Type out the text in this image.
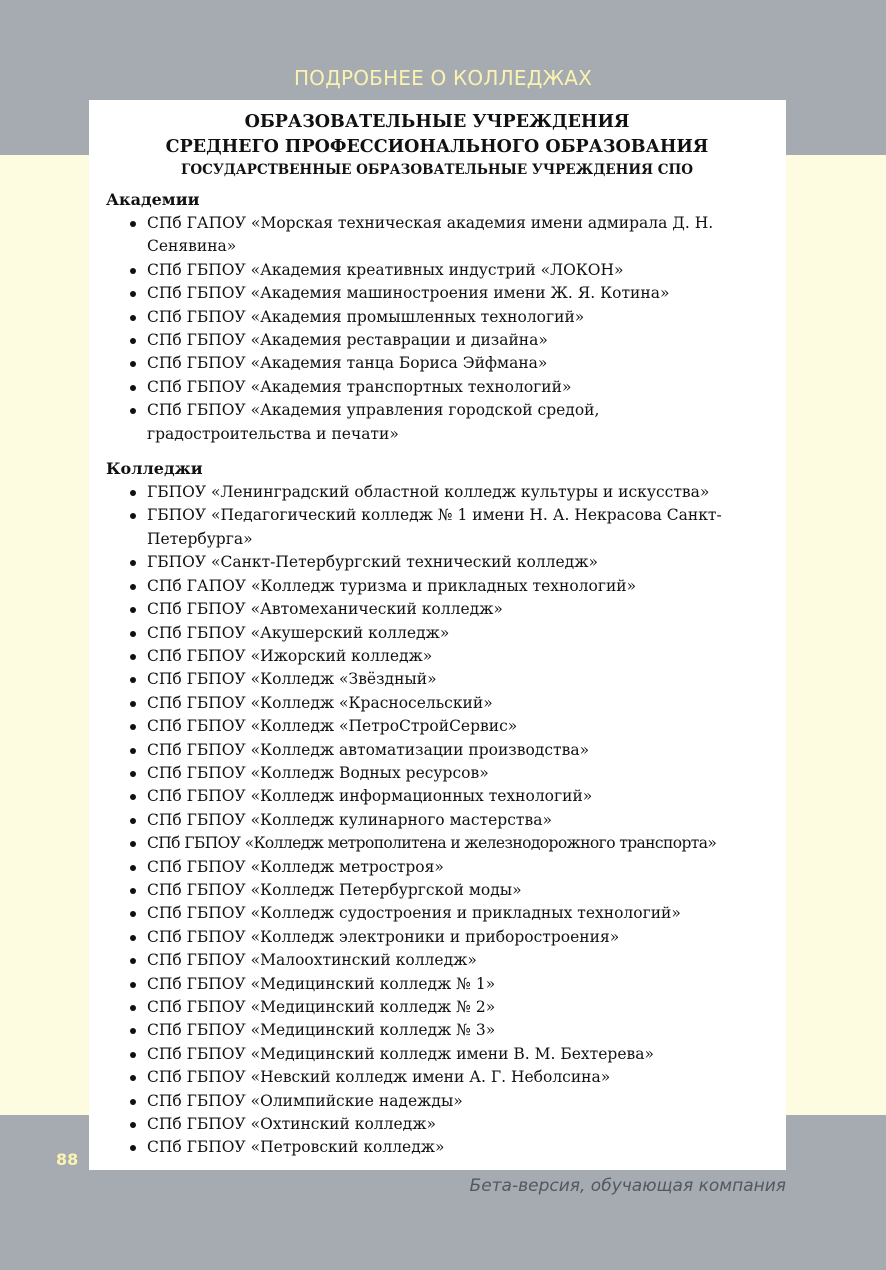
ПОДРОБНЕЕ О КОЛЛЕДЖАХ
ОБРАЗОВАТЕЛЬНЫЕ УЧРЕЖДЕНИЯ
СРЕДНЕГО ПРОФЕССИОНАЛЬНОГО ОБРАЗОВАНИЯ
ГОСУДАРСТВЕННЫЕ ОБРАЗОВАТЕЛЬНЫЕ УЧРЕЖДЕНИЯ СПО
Академии
СПб ГАПОУ «Морская техническая академия имени адмирала Д. Н. Сенявина»
СПб ГБПОУ «Академия креативных индустрий «ЛОКОН»
СПб ГБПОУ «Академия машиностроения имени Ж. Я. Котина»
СПб ГБПОУ «Академия промышленных технологий»
СПб ГБПОУ «Академия реставрации и дизайна»
СПб ГБПОУ «Академия танца Бориса Эйфмана»
СПб ГБПОУ «Академия транспортных технологий»
СПб ГБПОУ «Академия управления городской средой, градостроительства и печати»
Колледжи
ГБПОУ «Ленинградский областной колледж культуры и искусства»
ГБПОУ «Педагогический колледж № 1 имени Н. А. Некрасова Санкт-Петербурга»
ГБПОУ «Санкт-Петербургский технический колледж»
СПб ГАПОУ «Колледж туризма и прикладных технологий»
СПб ГБПОУ «Автомеханический колледж»
СПб ГБПОУ «Акушерский колледж»
СПб ГБПОУ «Ижорский колледж»
СПб ГБПОУ «Колледж «Звёздный»
СПб ГБПОУ «Колледж «Красносельский»
СПб ГБПОУ «Колледж «ПетроСтройСервис»
СПб ГБПОУ «Колледж автоматизации производства»
СПб ГБПОУ «Колледж Водных ресурсов»
СПб ГБПОУ «Колледж информационных технологий»
СПб ГБПОУ «Колледж кулинарного мастерства»
СПб ГБПОУ «Колледж метрополитена и железнодорожного транспорта»
СПб ГБПОУ «Колледж метростроя»
СПб ГБПОУ «Колледж Петербургской моды»
СПб ГБПОУ «Колледж судостроения и прикладных технологий»
СПб ГБПОУ «Колледж электроники и приборостроения»
СПб ГБПОУ «Малоохтинский колледж»
СПб ГБПОУ «Медицинский колледж № 1»
СПб ГБПОУ «Медицинский колледж № 2»
СПб ГБПОУ «Медицинский колледж № 3»
СПб ГБПОУ «Медицинский колледж имени В. М. Бехтерева»
СПб ГБПОУ «Невский колледж имени А. Г. Неболсина»
СПб ГБПОУ «Олимпийские надежды»
СПб ГБПОУ «Охтинский колледж»
СПб ГБПОУ «Петровский колледж»
88
Бета-версия, обучающая компания
